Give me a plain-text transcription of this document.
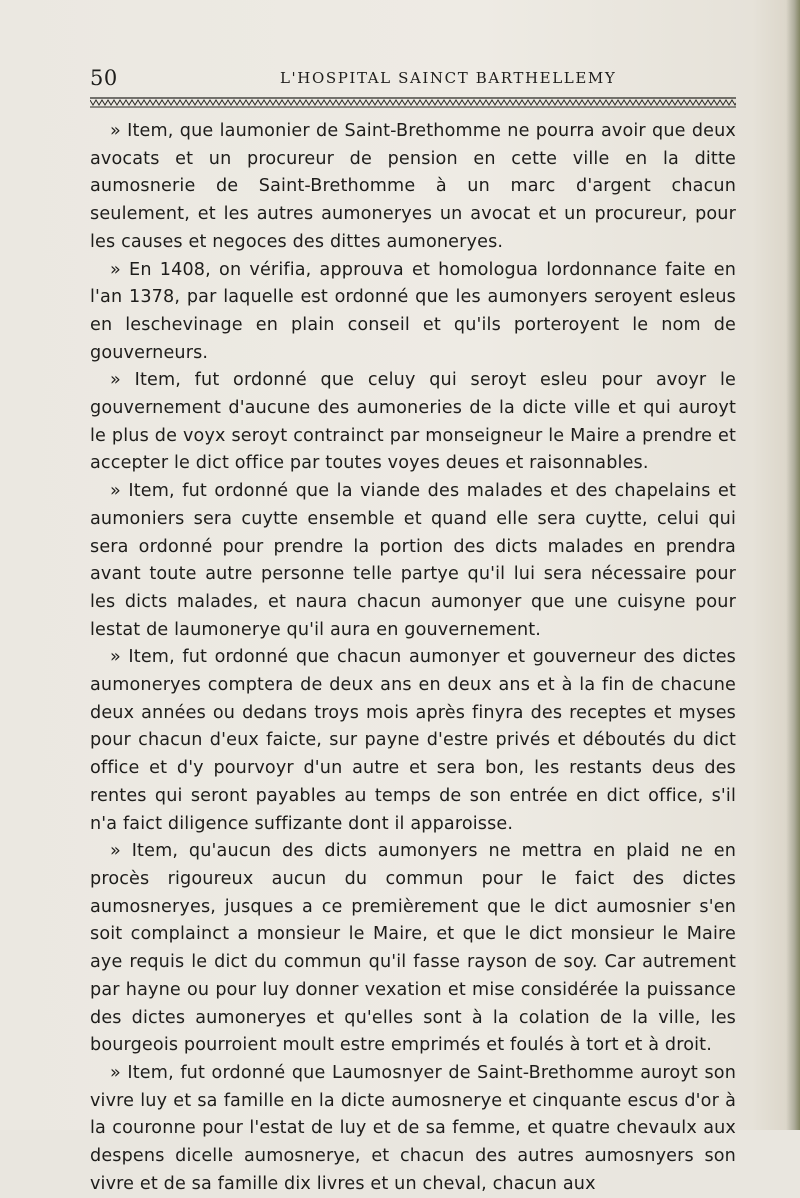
50	L'HOSPITAL SAINCT BARTHELLEMY

» Item, que laumonier de Saint-Brethomme ne pourra avoir que deux avocats et un procureur de pension en cette ville en la ditte aumosnerie de Saint-Brethomme à un marc d'argent chacun seulement, et les autres aumoneryes un avocat et un procureur, pour les causes et negoces des dittes aumoneryes.

» En 1408, on vérifia, approuva et homologua lordonnance faite en l'an 1378, par laquelle est ordonné que les aumonyers seroyent esleus en leschevinage en plain conseil et qu'ils porteroyent le nom de gouverneurs.

» Item, fut ordonné que celuy qui seroyt esleu pour avoyr le gouvernement d'aucune des aumoneries de la dicte ville et qui auroyt le plus de voyx seroyt contrainct par monseigneur le Maire a prendre et accepter le dict office par toutes voyes deues et raisonnables.

» Item, fut ordonné que la viande des malades et des chapelains et aumoniers sera cuytte ensemble et quand elle sera cuytte, celui qui sera ordonné pour prendre la portion des dicts malades en prendra avant toute autre personne telle partye qu'il lui sera nécessaire pour les dicts malades, et naura chacun aumonyer que une cuisyne pour lestat de laumonerye qu'il aura en gouvernement.

» Item, fut ordonné que chacun aumonyer et gouverneur des dictes aumoneryes comptera de deux ans en deux ans et à la fin de chacune deux années ou dedans troys mois après finyra des receptes et myses pour chacun d'eux faicte, sur payne d'estre privés et déboutés du dict office et d'y pourvoyr d'un autre et sera bon, les restants deus des rentes qui seront payables au temps de son entrée en dict office, s'il n'a faict diligence suffizante dont il apparoisse.

» Item, qu'aucun des dicts aumonyers ne mettra en plaid ne en procès rigoureux aucun du commun pour le faict des dictes aumosneryes, jusques a ce premièrement que le dict aumosnier s'en soit complainct a monsieur le Maire, et que le dict monsieur le Maire aye requis le dict du commun qu'il fasse rayson de soy. Car autrement par hayne ou pour luy donner vexation et mise considérée la puissance des dictes aumoneryes et qu'elles sont à la colation de la ville, les bourgeois pourroient moult estre emprimés et foulés à tort et à droit.

» Item, fut ordonné que Laumosnyer de Saint-Brethomme auroyt son vivre luy et sa famille en la dicte aumosnerye et cinquante escus d'or à la couronne pour l'estat de luy et de sa femme, et quatre chevaulx aux despens dicelle aumosnerye, et chacun des autres aumosnyers son vivre et de sa famille dix livres et un cheval, chacun aux
